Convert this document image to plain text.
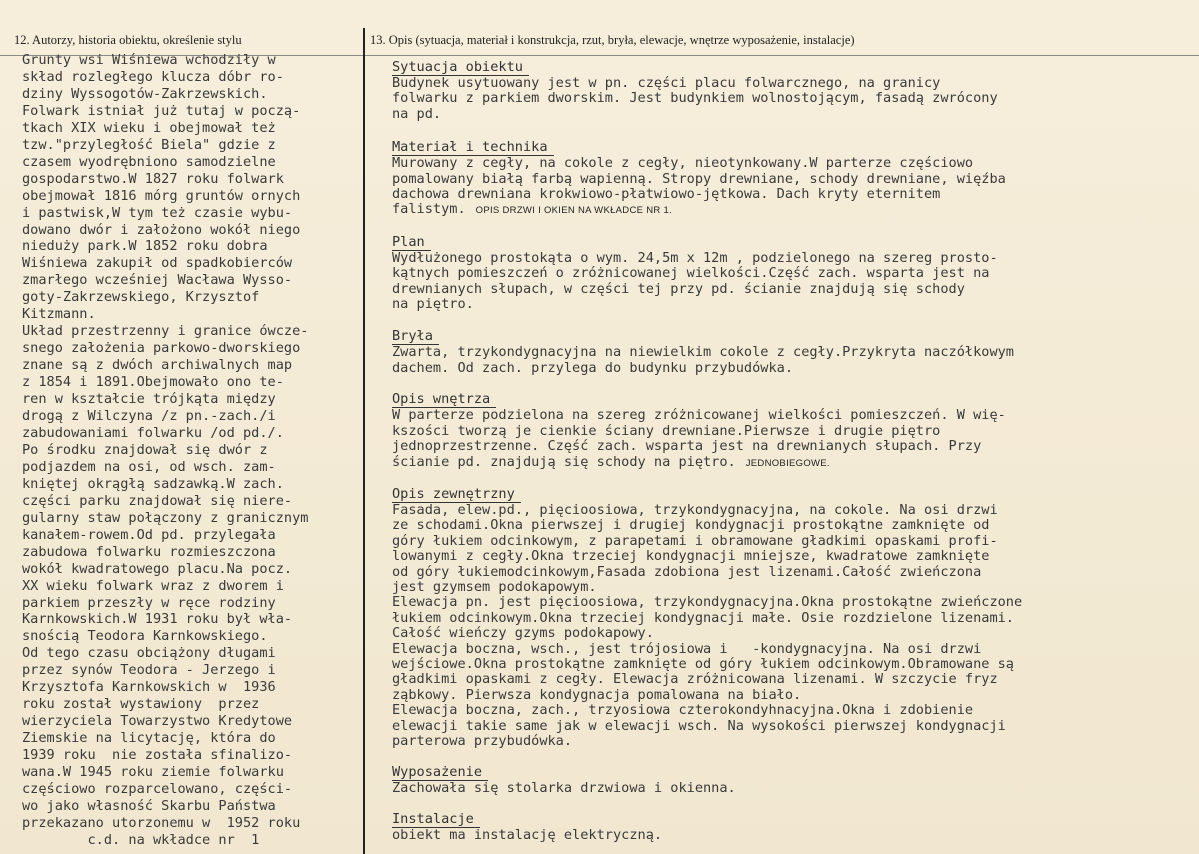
12. Autorzy, historia obiektu, określenie stylu	13. Opis (sytuacja, materiał i konstrukcja, rzut, bryła, elewacje, wnętrze wyposażenie, instalacje)
Grunty wsi Wiśniewa wchodziły w
skład rozległego klucza dóbr ro-
dziny Wyssogotów-Zakrzewskich.
Folwark istniał już tutaj w począ-
tkach XIX wieku i obejmował też
tzw."przyległość Biela" gdzie z
czasem wyodrębniono samodzielne
gospodarstwo.W 1827 roku folwark
obejmował 1816 mórg gruntów ornych
i pastwisk,W tym też czasie wybu-
dowano dwór i założono wokół niego
nieduży park.W 1852 roku dobra
Wiśniewa zakupił od spadkobierców
zmarłego wcześniej Wacława Wysso-
goty-Zakrzewskiego, Krzysztof
Kitzmann.
Układ przestrzenny i granice ówcze-
snego założenia parkowo-dworskiego
znane są z dwóch archiwalnych map
z 1854 i 1891.Obejmowało ono te-
ren w kształcie trójkąta między
drogą z Wilczyna /z pn.-zach./i
zabudowaniami folwarku /od pd./.
Po środku znajdował się dwór z
podjazdem na osi, od wsch. zam-
kniętej okrągłą sadzawką.W zach.
części parku znajdował się niere-
gularny staw połączony z granicznym
kanałem-rowem.Od pd. przylegała
zabudowa folwarku rozmieszczona
wokół kwadratowego placu.Na pocz.
XX wieku folwark wraz z dworem i
parkiem przeszły w ręce rodziny
Karnkowskich.W 1931 roku był wła-
snością Teodora Karnkowskiego.
Od tego czasu obciążony długami
przez synów Teodora - Jerzego i
Krzysztofa Karnkowskich w  1936
roku został wystawiony  przez
wierzyciela Towarzystwo Kredytowe
Ziemskie na licytację, która do
1939 roku  nie została sfinalizo-
wana.W 1945 roku ziemie folwarku
częściowo rozparcelowano, części-
wo jako własność Skarbu Państwa
przekazano utorzonemu w  1952 roku
c.d. na wkładce nr  1
Sytuacja obiektu
Budynek usytuowany jest w pn. części placu folwarcznego, na granicy
folwarku z parkiem dworskim. Jest budynkiem wolnostojącym, fasadą zwrócony
na pd.
Materiał i technika
Murowany z cegły, na cokole z cegły, nieotynkowany.W parterze częściowo
pomalowany białą farbą wapienną. Stropy drewniane, schody drewniane, więźba
dachowa drewniana krokwiowo-płatwiowo-jętkowa. Dach kryty eternitem
falistym. OPIS DRZWI I OKIEN NA WKŁADCE NR 1.
Plan
Wydłużonego prostokąta o wym. 24,5m x 12m , podzielonego na szereg prosto-
kątnych pomieszczeń o zróżnicowanej wielkości.Część zach. wsparta jest na
drewnianych słupach, w części tej przy pd. ścianie znajdują się schody
na piętro.
Bryła
Zwarta, trzykondygnacyjna na niewielkim cokole z cegły.Przykryta naczółkowym
dachem. Od zach. przylega do budynku przybudówka.
Opis wnętrza
W parterze podzielona na szereg zróżnicowanej wielkości pomieszczeń. W wię-
kszości tworzą je cienkie ściany drewniane.Pierwsze i drugie piętro
jednoprzestrzenne. Część zach. wsparta jest na drewnianych słupach. Przy
ścianie pd. znajdują się schody na piętro. JEDNOBIEGOWE.
Opis zewnętrzny
Fasada, elew.pd., pięcioosiowa, trzykondygnacyjna, na cokole. Na osi drzwi
ze schodami.Okna pierwszej i drugiej kondygnacji prostokątne zamknięte od
góry łukiem odcinkowym, z parapetami i obramowane gładkimi opaskami profi-
lowanymi z cegły.Okna trzeciej kondygnacji mniejsze, kwadratowe zamknięte
od góry łukiemodcinkowym,Fasada zdobiona jest lizenami.Całość zwieńczona
jest gzymsem podokapowym.
Elewacja pn. jest pięcioosiowa, trzykondygnacyjna.Okna prostokątne zwieńczone
łukiem odcinkowym.Okna trzeciej kondygnacji małe. Osie rozdzielone lizenami.
Całość wieńczy gzyms podokapowy.
Elewacja boczna, wsch., jest trójosiowa i   -kondygnacyjna. Na osi drzwi
wejściowe.Okna prostokątne zamknięte od góry łukiem odcinkowym.Obramowane są
gładkimi opaskami z cegły. Elewacja zróżnicowana lizenami. W szczycie fryz
ząbkowy. Pierwsza kondygnacja pomalowana na biało.
Elewacja boczna, zach., trzyosiowa czterokondyhnacyjna.Okna i zdobienie
elewacji takie same jak w elewacji wsch. Na wysokości pierwszej kondygnacji
parterowa przybudówka.
Wyposażenie
Zachowała się stolarka drzwiowa i okienna.
Instalacje
obiekt ma instalację elektryczną.
